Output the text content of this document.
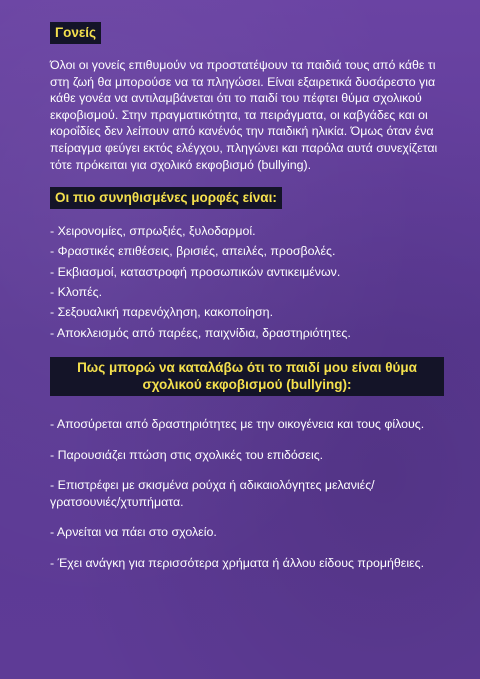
Γονείς

Όλοι οι γονείς επιθυμούν να προστατέψουν τα παιδιά τους από κάθε τι στη ζωή θα μπορούσε να τα πληγώσει. Είναι εξαιρετικά δυσάρεστο για κάθε γονέα να αντιλαμβάνεται ότι το παιδί του πέφτει θύμα σχολικού εκφοβισμού. Στην πραγματικότητα, τα πειράγματα, οι καβγάδες και οι κοροΐδίες δεν λείπουν από κανένός την παιδική ηλικία. Όμως όταν ένα πείραγμα φεύγει εκτός ελέγχου, πληγώνει και παρόλα αυτά συνεχίζεται τότε πρόκειται για σχολικό εκφοβισμό (bullying).

Οι πιο συνηθισμένες μορφές είναι:
- Χειρονομίες, σπρωξιές, ξυλοδαρμοί.
- Φραστικές επιθέσεις, βρισιές, απειλές, προσβολές.
- Εκβιασμοί, καταστροφή προσωπικών αντικειμένων.
- Κλοπές.
- Σεξουαλική παρενόχληση, κακοποίηση.
- Αποκλεισμός από παρέες, παιχνίδια, δραστηριότητες.
Πως μπορώ να καταλάβω ότι το παιδί μου είναι θύμα
σχολικού εκφοβισμού (bullying):
- Αποσύρεται από δραστηριότητες με την οικογένεια και τους φίλους.
- Παρουσιάζει πτώση στις σχολικές του επιδόσεις.
- Επιστρέφει με σκισμένα ρούχα ή αδικαιολόγητες μελανιές/γρατσουνιές/χτυπήματα.
- Αρνείται να πάει στο σχολείο.
- Έχει ανάγκη για περισσότερα χρήματα ή άλλου είδους προμήθειες.
